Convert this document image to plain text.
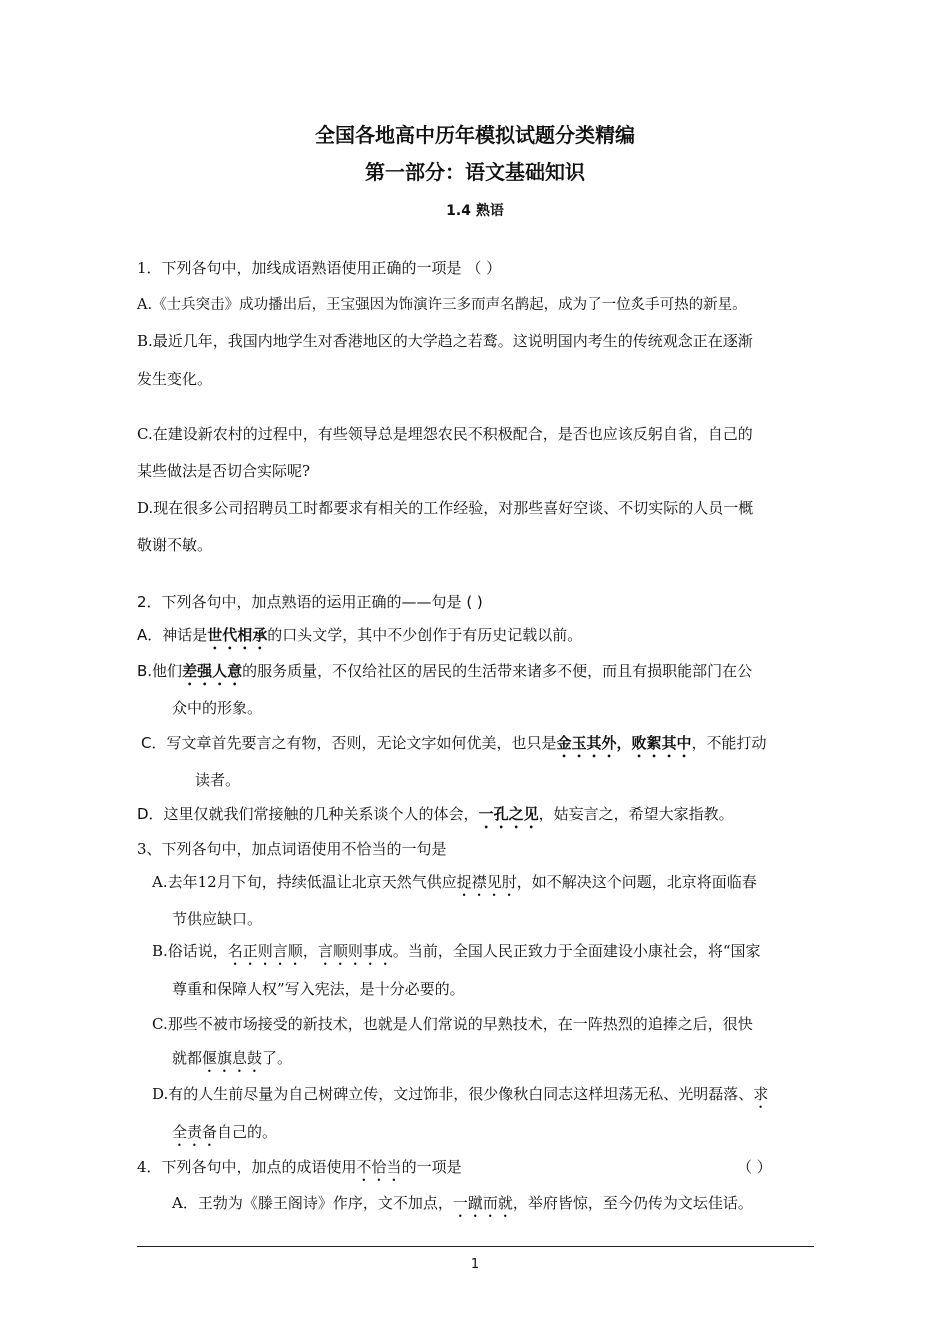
全国各地高中历年模拟试题分类精编
第一部分：语文基础知识
1.4 熟语
1．下列各句中，加线成语熟语使用正确的一项是 （ ）
A.《士兵突击》成功播出后，王宝强因为饰演许三多而声名鹊起，成为了一位炙手可热的新星。
B.最近几年，我国内地学生对香港地区的大学趋之若鹜。这说明国内考生的传统观念正在逐渐
发生变化。
C.在建设新农村的过程中，有些领导总是埋怨农民不积极配合，是否也应该反躬自省，自己的
某些做法是否切合实际呢?
D.现在很多公司招聘员工时都要求有相关的工作经验，对那些喜好空谈、不切实际的人员一概
敬谢不敏。
2．下列各句中，加点熟语的运用正确的——句是 ( )
A．神话是世代相承的口头文学，其中不少创作于有历史记载以前。
B.他们差强人意的服务质量，不仅给社区的居民的生活带来诸多不便，而且有损职能部门在公
众中的形象。
C．写文章首先要言之有物，否则，无论文字如何优美，也只是金玉其外，败絮其中，不能打动
读者。
D．这里仅就我们常接触的几种关系谈个人的体会，一孔之见，姑妄言之，希望大家指教。
3、下列各句中，加点词语使用不恰当的一句是
A.去年12月下旬，持续低温让北京天然气供应捉襟见肘，如不解决这个问题，北京将面临春
节供应缺口。
B.俗话说，名正则言顺，言顺则事成。当前，全国人民正致力于全面建设小康社会，将“国家
尊重和保障人权”写入宪法，是十分必要的。
C.那些不被市场接受的新技术，也就是人们常说的早熟技术，在一阵热烈的追捧之后，很快
就都偃旗息鼓了。
D.有的人生前尽量为自己树碑立传，文过饰非，很少像秋白同志这样坦荡无私、光明磊落、求
全责备自己的。
4．下列各句中，加点的成语使用不恰当的一项是	（ ）
A．王勃为《滕王阁诗》作序，文不加点，一蹴而就，举府皆惊，至今仍传为文坛佳话。
1
